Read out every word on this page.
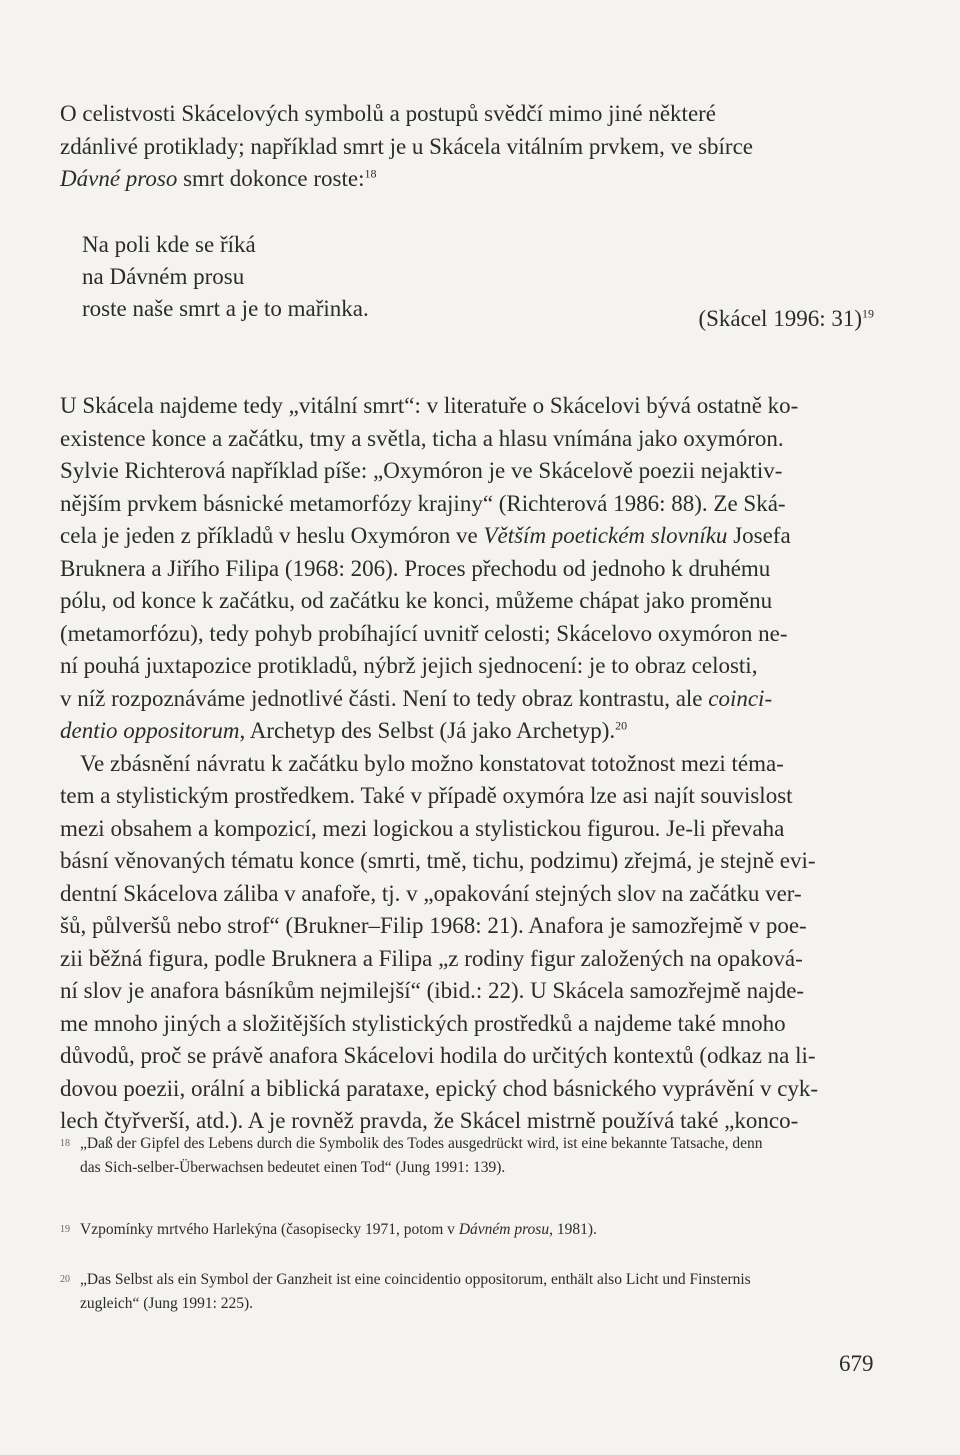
O celistvosti Skácelových symbolů a postupů svědčí mimo jiné některé

zdánlivé protiklady; například smrt je u Skácela vitálním prvkem, ve sbírce

Dávné proso smrt dokonce roste:$^{18}$

Na poli kde se říká
na Dávném prosu
roste naše smrt a je to mařinka.	(Skácel 1996: 31)$^{19}$

U Skácela najdeme tedy „vitální smrt“: v literatuře o Skácelovi bývá ostatně ko-

existence konce a začátku, tmy a světla, ticha a hlasu vnímána jako oxymóron.

Sylvie Richterová například píše: „Oxymóron je ve Skácelově poezii nejaktiv-

nějším prvkem básnické metamorfózy krajiny“ (Richterová 1986: 88). Ze Ská-

cela je jeden z příkladů v heslu Oxymóron ve Větším poetickém slovníku Josefa

Bruknera a Jiřího Filipa (1968: 206). Proces přechodu od jednoho k druhému

pólu, od konce k začátku, od začátku ke konci, můžeme chápat jako proměnu

(metamorfózu), tedy pohyb probíhající uvnitř celosti; Skácelovo oxymóron ne-

ní pouhá juxtapozice protikladů, nýbrž jejich sjednocení: je to obraz celosti,

v níž rozpoznáváme jednotlivé části. Není to tedy obraz kontrastu, ale coinci-

dentio oppositorum, Archetyp des Selbst (Já jako Archetyp).$^{20}$

Ve zbásnění návratu k začátku bylo možno konstatovat totožnost mezi téma-

tem a stylistickým prostředkem. Také v případě oxymóra lze asi najít souvislost

mezi obsahem a kompozicí, mezi logickou a stylistickou figurou. Je-li převaha

básní věnovaných tématu konce (smrti, tmě, tichu, podzimu) zřejmá, je stejně evi-

dentní Skácelova záliba v anafoře, tj. v „opakování stejných slov na začátku ver-

šů, půlveršů nebo strof“ (Brukner–Filip 1968: 21). Anafora je samozřejmě v poe-

zii běžná figura, podle Bruknera a Filipa „z rodiny figur založených na opaková-

ní slov je anafora básníkům nejmilejší“ (ibid.: 22). U Skácela samozřejmě najde-

me mnoho jiných a složitějších stylistických prostředků a najdeme také mnoho

důvodů, proč se právě anafora Skácelovi hodila do určitých kontextů (odkaz na li-

dovou poezii, orální a biblická parataxe, epický chod básnického vyprávění v cyk-

lech čtyřverší, atd.). A je rovněž pravda, že Skácel mistrně používá také „konco-

18 „Daß der Gipfel des Lebens durch die Symbolik des Todes ausgedrückt wird, ist eine bekannte Tatsache, denn
das Sich-selber-Überwachsen bedeutet einen Tod“ (Jung 1991: 139).
19 Vzpomínky mrtvého Harlekýna (časopisecky 1971, potom v Dávném prosu, 1981).
20 „Das Selbst als ein Symbol der Ganzheit ist eine coincidentio oppositorum, enthält also Licht und Finsternis
zugleich“ (Jung 1991: 225).
679
